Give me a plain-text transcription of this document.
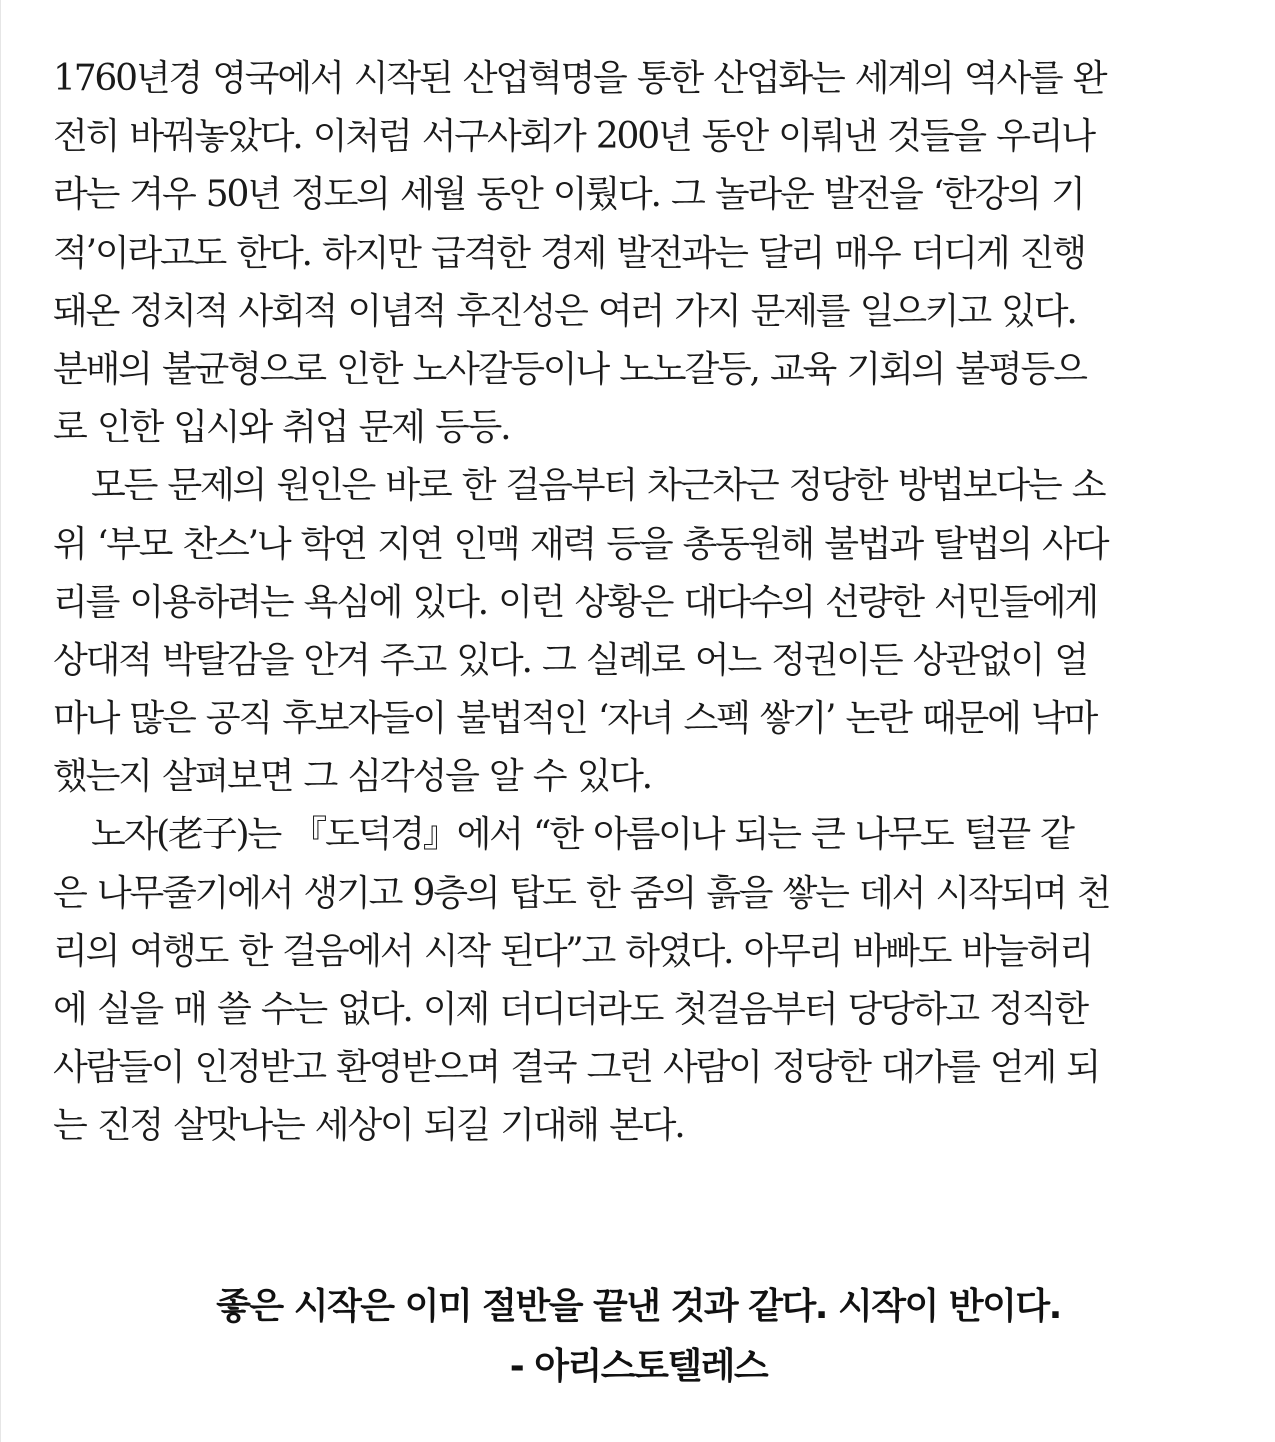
1760년경 영국에서 시작된 산업혁명을 통한 산업화는 세계의 역사를 완
전히 바꿔놓았다. 이처럼 서구사회가 200년 동안 이뤄낸 것들을 우리나
라는 겨우 50년 정도의 세월 동안 이뤘다. 그 놀라운 발전을 ‘한강의 기
적’이라고도 한다. 하지만 급격한 경제 발전과는 달리 매우 더디게 진행
돼온 정치적 사회적 이념적 후진성은 여러 가지 문제를 일으키고 있다.
분배의 불균형으로 인한 노사갈등이나 노노갈등, 교육 기회의 불평등으
로 인한 입시와 취업 문제 등등.
모든 문제의 원인은 바로 한 걸음부터 차근차근 정당한 방법보다는 소
위 ‘부모 찬스’나 학연 지연 인맥 재력 등을 총동원해 불법과 탈법의 사다
리를 이용하려는 욕심에 있다. 이런 상황은 대다수의 선량한 서민들에게
상대적 박탈감을 안겨 주고 있다. 그 실례로 어느 정권이든 상관없이 얼
마나 많은 공직 후보자들이 불법적인 ‘자녀 스펙 쌓기’ 논란 때문에 낙마
했는지 살펴보면 그 심각성을 알 수 있다.
노자(老子)는 『도덕경』에서 “한 아름이나 되는 큰 나무도 털끝 같
은 나무줄기에서 생기고 9층의 탑도 한 줌의 흙을 쌓는 데서 시작되며 천
리의 여행도 한 걸음에서 시작 된다”고 하였다. 아무리 바빠도 바늘허리
에 실을 매 쓸 수는 없다. 이제 더디더라도 첫걸음부터 당당하고 정직한
사람들이 인정받고 환영받으며 결국 그런 사람이 정당한 대가를 얻게 되
는 진정 살맛나는 세상이 되길 기대해 본다.
좋은 시작은 이미 절반을 끝낸 것과 같다. 시작이 반이다.
- 아리스토텔레스
